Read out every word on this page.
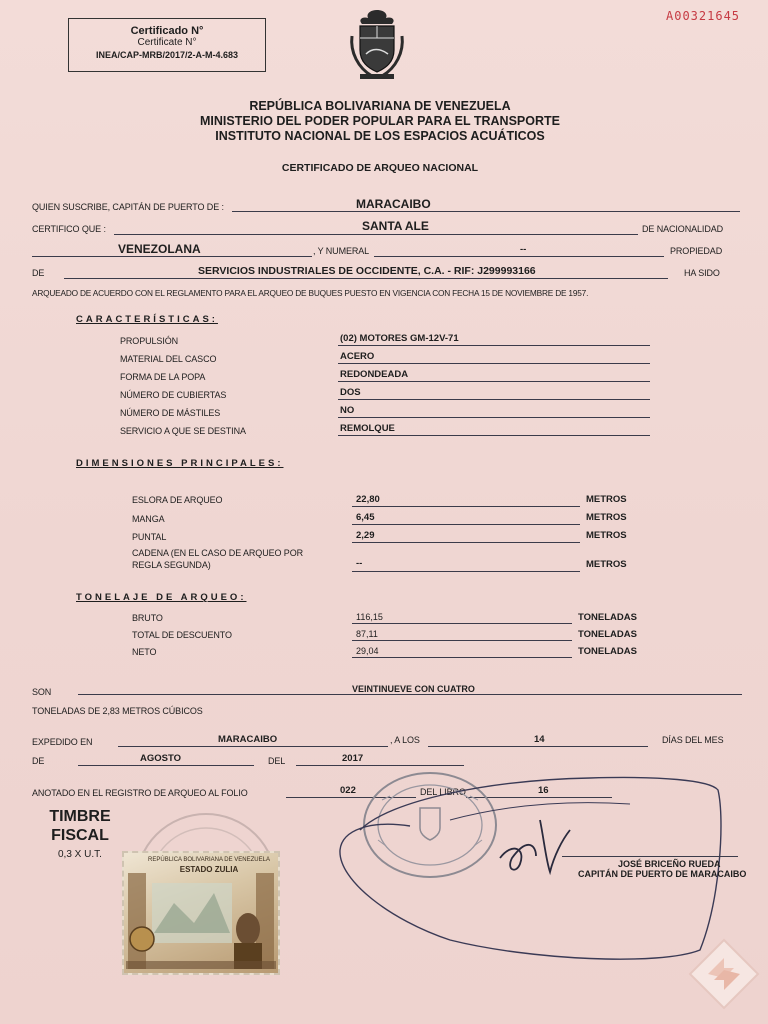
A00321645
Certificado N°
Certificate N°
INEA/CAP-MRB/2017/2-A-M-4.683
REPÚBLICA BOLIVARIANA DE VENEZUELA
MINISTERIO DEL PODER POPULAR PARA EL TRANSPORTE
INSTITUTO NACIONAL DE LOS ESPACIOS ACUÁTICOS
CERTIFICADO DE ARQUEO NACIONAL
QUIEN SUSCRIBE, CAPITÁN DE PUERTO DE :	MARACAIBO
CERTIFICO QUE :	SANTA ALE	DE NACIONALIDAD
VENEZOLANA	, Y NUMERAL	--	PROPIEDAD
DE	SERVICIOS INDUSTRIALES DE OCCIDENTE, C.A. - RIF: J299993166	HA SIDO
ARQUEADO DE ACUERDO CON EL REGLAMENTO PARA EL ARQUEO DE BUQUES PUESTO EN VIGENCIA CON FECHA 15 DE NOVIEMBRE DE 1957.
CARACTERÍSTICAS:
PROPULSIÓN	(02) MOTORES GM-12V-71
MATERIAL DEL CASCO	ACERO
FORMA DE LA POPA	REDONDEADA
NÚMERO DE CUBIERTAS	DOS
NÚMERO DE MÁSTILES	NO
SERVICIO A QUE SE DESTINA	REMOLQUE
DIMENSIONES PRINCIPALES:
ESLORA DE ARQUEO	22,80	METROS
MANGA	6,45	METROS
PUNTAL	2,29	METROS
CADENA (EN EL CASO DE ARQUEO POR
REGLA SEGUNDA)	--	METROS
TONELAJE DE ARQUEO:
BRUTO	116,15	TONELADAS
TOTAL DE DESCUENTO	87,11	TONELADAS
NETO	29,04	TONELADAS
SON	VEINTINUEVE CON CUATRO
TONELADAS DE 2,83 METROS CÚBICOS
EXPEDIDO EN	MARACAIBO	, A LOS	14	DÍAS DEL MES
DE	AGOSTO	DEL	2017
ANOTADO EN EL REGISTRO DE ARQUEO AL FOLIO	022	DEL LIBRO	16
TIMBRE
FISCAL
0,3 X U.T.	REPÚBLICA BOLIVARIANA DE VENEZUELA
ESTADO ZULIA
JOSÉ BRICEÑO RUEDA
CAPITÁN DE PUERTO DE MARACAIBO
